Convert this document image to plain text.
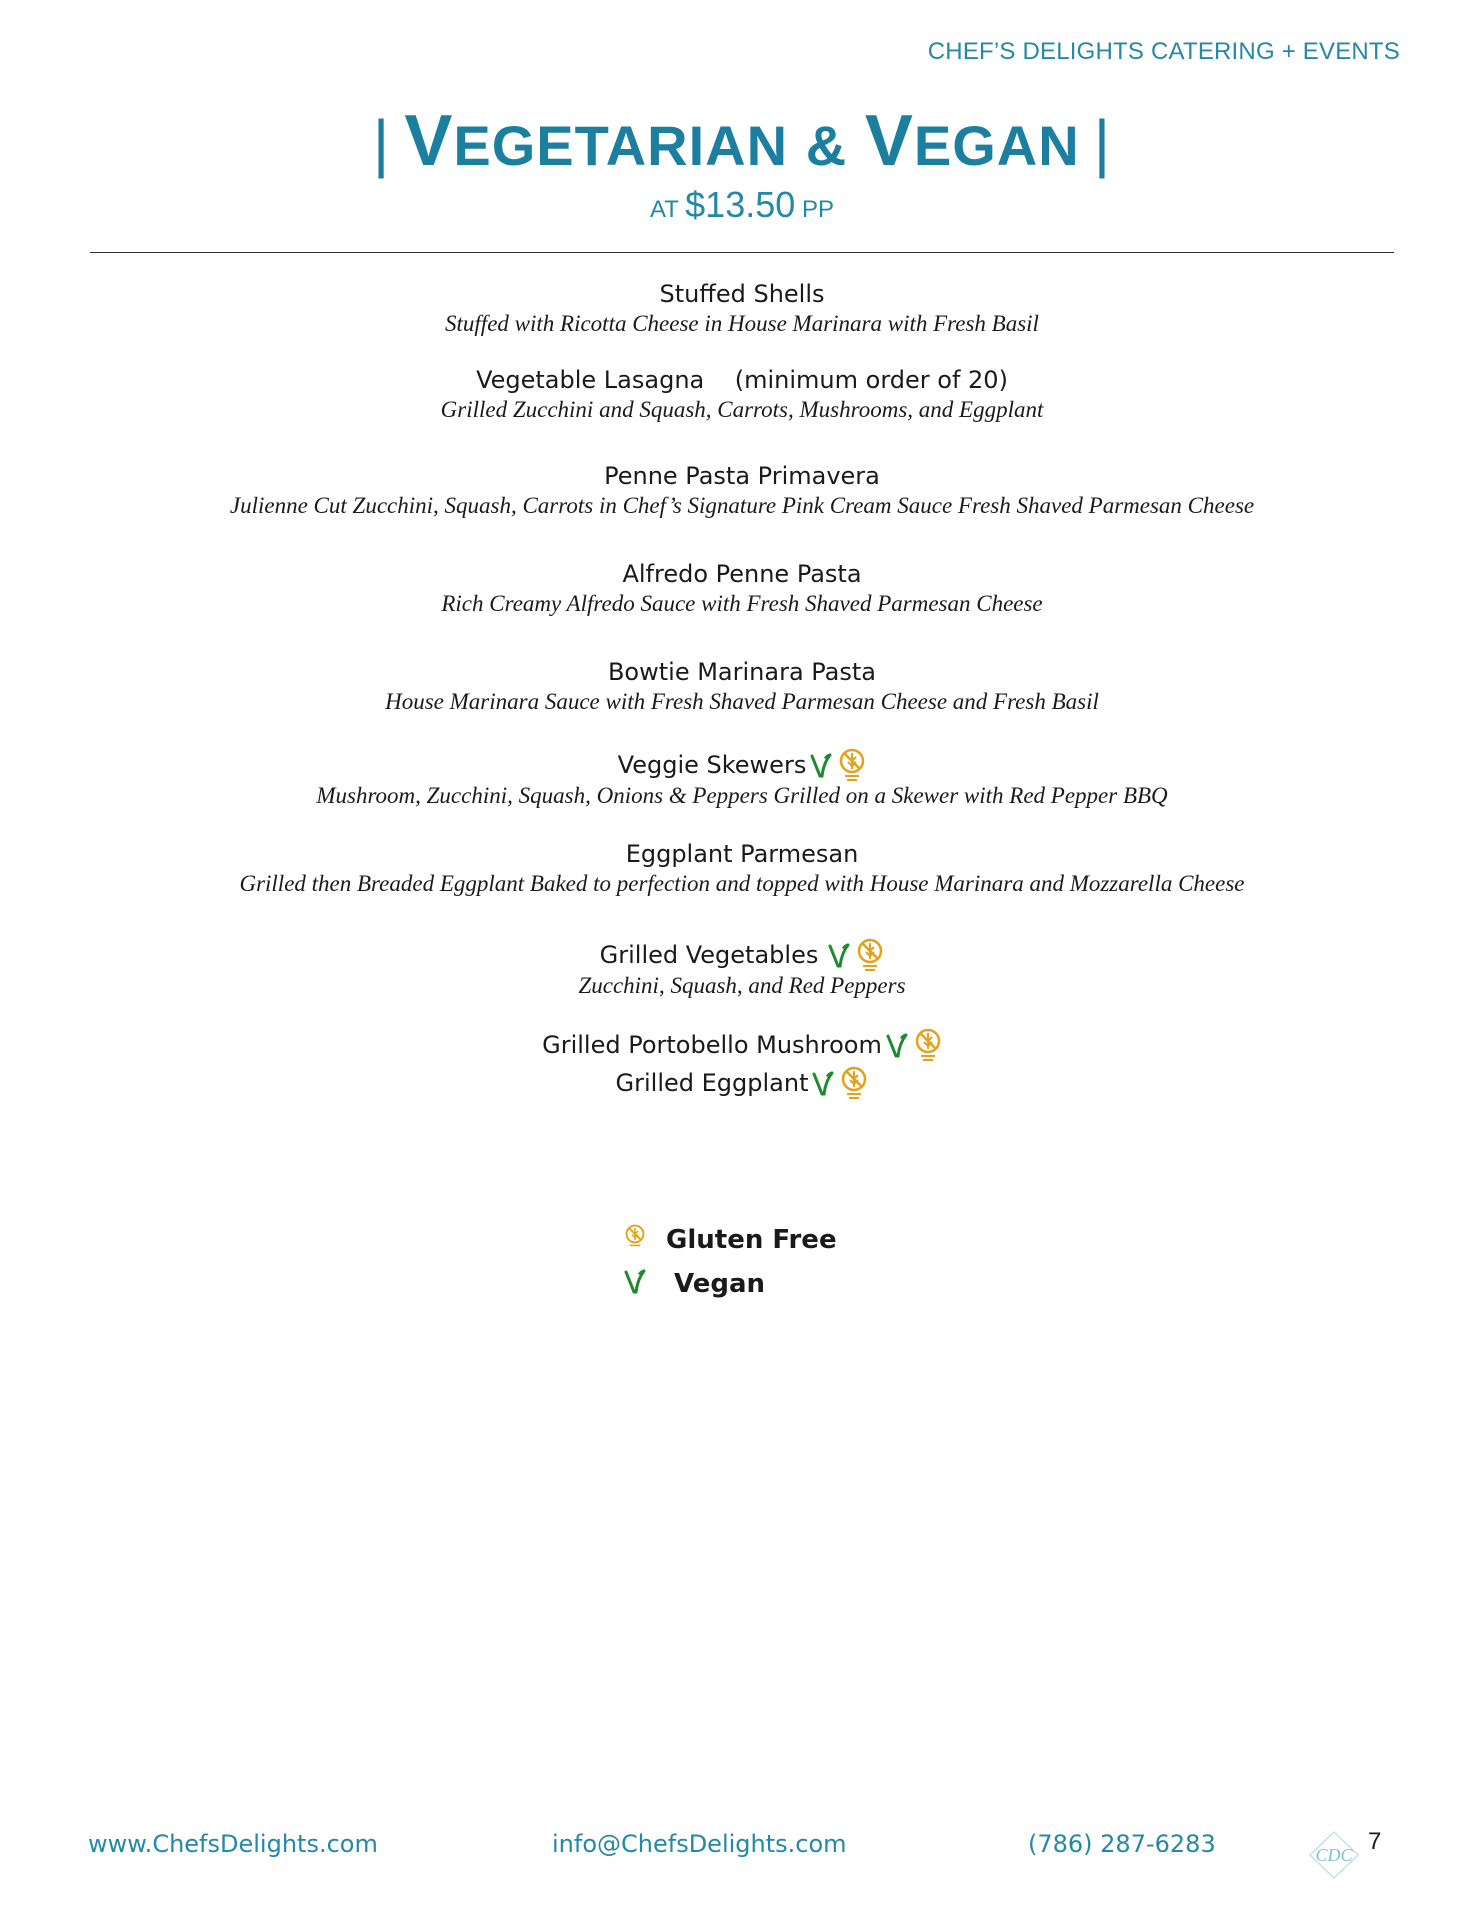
CHEF’S DELIGHTS CATERING + EVENTS
| VEGETARIAN & VEGAN |
AT $13.50 PP
Stuffed Shells
Stuffed with Ricotta Cheese in House Marinara with Fresh Basil
Vegetable Lasagna    (minimum order of 20)
Grilled Zucchini and Squash, Carrots, Mushrooms, and Eggplant
Penne Pasta Primavera
Julienne Cut Zucchini, Squash, Carrots in Chef’s Signature Pink Cream Sauce Fresh Shaved Parmesan Cheese
Alfredo Penne Pasta
Rich Creamy Alfredo Sauce with Fresh Shaved Parmesan Cheese
Bowtie Marinara Pasta
House Marinara Sauce with Fresh Shaved Parmesan Cheese and Fresh Basil
Veggie Skewers
Mushroom, Zucchini, Squash, Onions & Peppers Grilled on a Skewer with Red Pepper BBQ
Eggplant Parmesan
Grilled then Breaded Eggplant Baked to perfection and topped with House Marinara and Mozzarella Cheese
Grilled Vegetables
Zucchini, Squash, and Red Peppers
Grilled Portobello Mushroom
Grilled Eggplant
Gluten Free
Vegan
www.ChefsDelights.com	info@ChefsDelights.com	(786) 287-6283	CDC 7
